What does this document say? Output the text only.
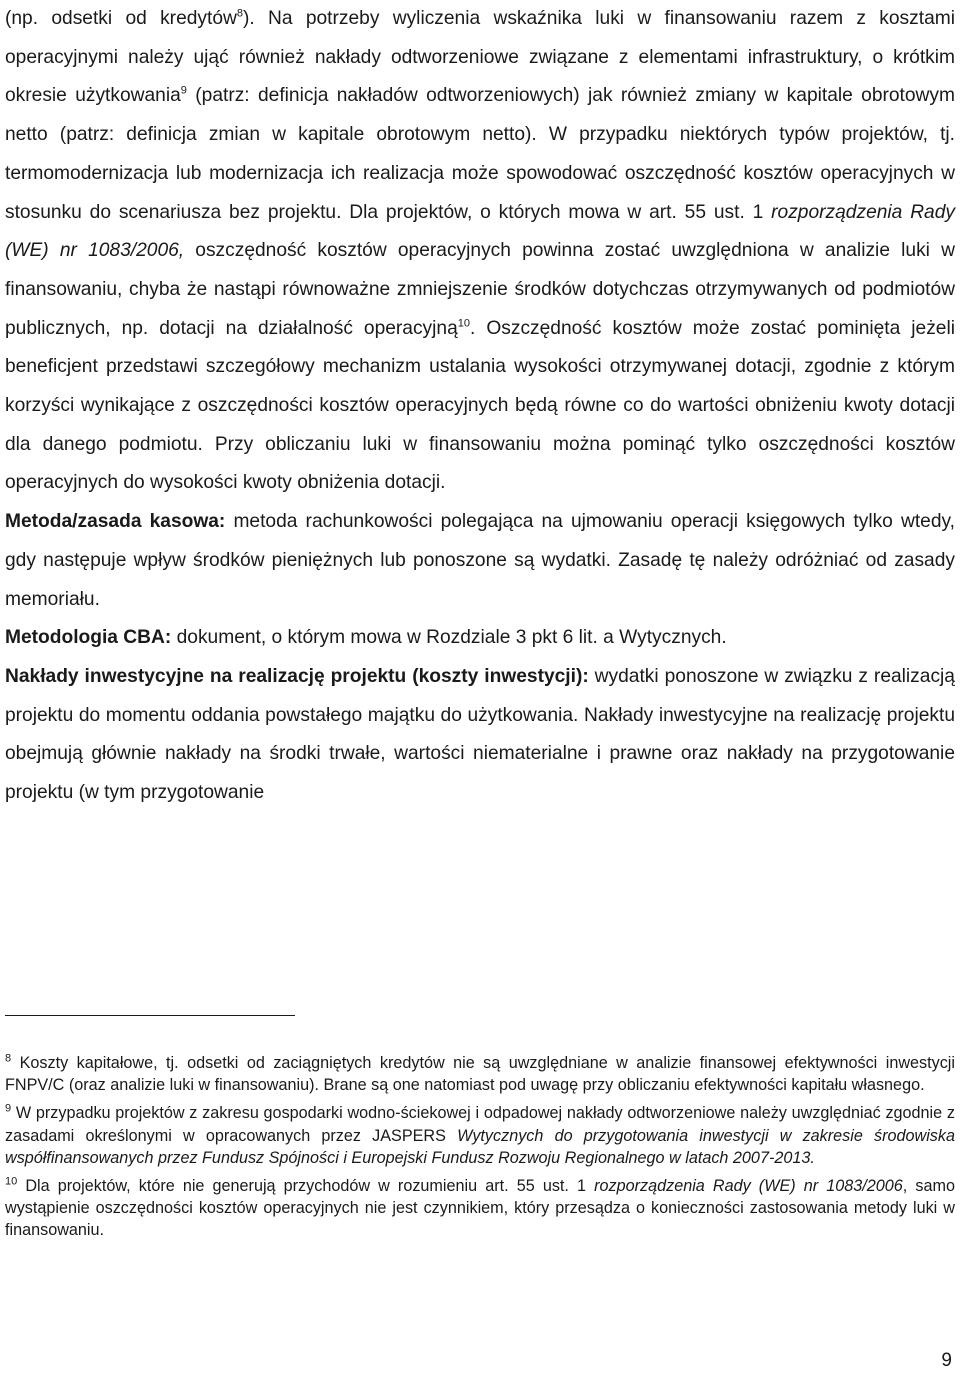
(np. odsetki od kredytów$^8$). Na potrzeby wyliczenia wskaźnika luki w finansowaniu razem z kosztami operacyjnymi należy ująć również nakłady odtworzeniowe związane z elementami infrastruktury, o krótkim okresie użytkowania$^9$ (patrz: definicja nakładów odtworzeniowych) jak również zmiany w kapitale obrotowym netto (patrz: definicja zmian w kapitale obrotowym netto). W przypadku niektórych typów projektów, tj. termomodernizacja lub modernizacja ich realizacja może spowodować oszczędność kosztów operacyjnych w stosunku do scenariusza bez projektu. Dla projektów, o których mowa w art. 55 ust. 1 rozporządzenia Rady (WE) nr 1083/2006, oszczędność kosztów operacyjnych powinna zostać uwzględniona w analizie luki w finansowaniu, chyba że nastąpi równoważne zmniejszenie środków dotychczas otrzymywanych od podmiotów publicznych, np. dotacji na działalność operacyjną$^{10}$. Oszczędność kosztów może zostać pominięta jeżeli beneficjent przedstawi szczegółowy mechanizm ustalania wysokości otrzymywanej dotacji, zgodnie z którym korzyści wynikające z oszczędności kosztów operacyjnych będą równe co do wartości obniżeniu kwoty dotacji dla danego podmiotu. Przy obliczaniu luki w finansowaniu można pominąć tylko oszczędności kosztów operacyjnych do wysokości kwoty obniżenia dotacji.

Metoda/zasada kasowa: metoda rachunkowości polegająca na ujmowaniu operacji księgowych tylko wtedy, gdy następuje wpływ środków pieniężnych lub ponoszone są wydatki. Zasadę tę należy odróżniać od zasady memoriału.

Metodologia CBA: dokument, o którym mowa w Rozdziale 3 pkt 6 lit. a Wytycznych.

Nakłady inwestycyjne na realizację projektu (koszty inwestycji): wydatki ponoszone w związku z realizacją projektu do momentu oddania powstałego majątku do użytkowania. Nakłady inwestycyjne na realizację projektu obejmują głównie nakłady na środki trwałe, wartości niematerialne i prawne oraz nakłady na przygotowanie projektu (w tym przygotowanie

$^8$ Koszty kapitałowe, tj. odsetki od zaciągniętych kredytów nie są uwzględniane w analizie finansowej efektywności inwestycji FNPV/C (oraz analizie luki w finansowaniu). Brane są one natomiast pod uwagę przy obliczaniu efektywności kapitału własnego.

$^9$ W przypadku projektów z zakresu gospodarki wodno-ściekowej i odpadowej nakłady odtworzeniowe należy uwzględniać zgodnie z zasadami określonymi w opracowanych przez JASPERS Wytycznych do przygotowania inwestycji w zakresie środowiska współfinansowanych przez Fundusz Spójności i Europejski Fundusz Rozwoju Regionalnego w latach 2007-2013.

$^{10}$ Dla projektów, które nie generują przychodów w rozumieniu art. 55 ust. 1 rozporządzenia Rady (WE) nr 1083/2006, samo wystąpienie oszczędności kosztów operacyjnych nie jest czynnikiem, który przesądza o konieczności zastosowania metody luki w finansowaniu.

9
